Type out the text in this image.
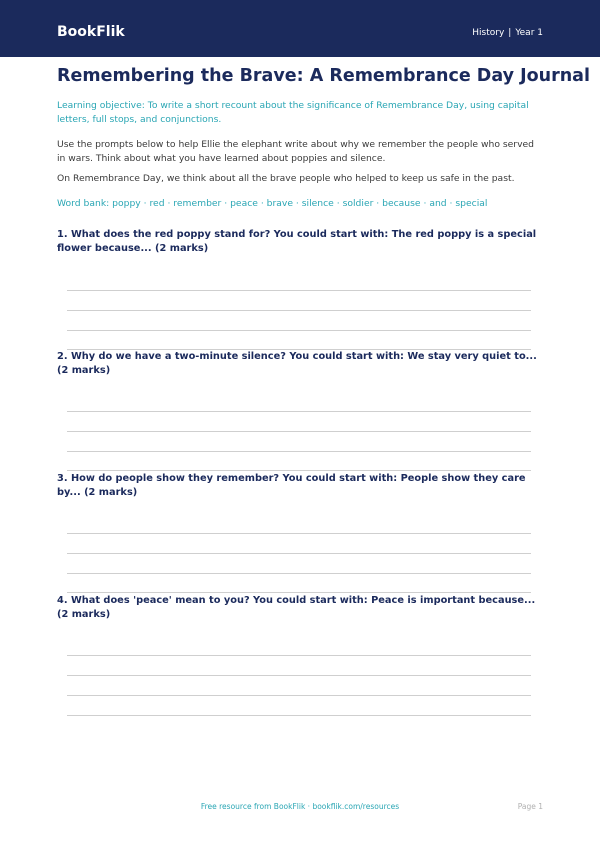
BookFlik	History | Year 1
Remembering the Brave: A Remembrance Day Journal

Learning objective: To write a short recount about the significance of Remembrance Day, using capital letters, full stops, and conjunctions.

Use the prompts below to help Ellie the elephant write about why we remember the people who served in wars. Think about what you have learned about poppies and silence.

On Remembrance Day, we think about all the brave people who helped to keep us safe in the past.

Word bank: poppy · red · remember · peace · brave · silence · soldier · because · and · special

1. What does the red poppy stand for? You could start with: The red poppy is a special flower because... (2 marks)

2. Why do we have a two-minute silence? You could start with: We stay very quiet to... (2 marks)

3. How do people show they remember? You could start with: People show they care by... (2 marks)

4. What does 'peace' mean to you? You could start with: Peace is important because... (2 marks)

Free resource from BookFlik · bookflik.com/resources	Page 1
